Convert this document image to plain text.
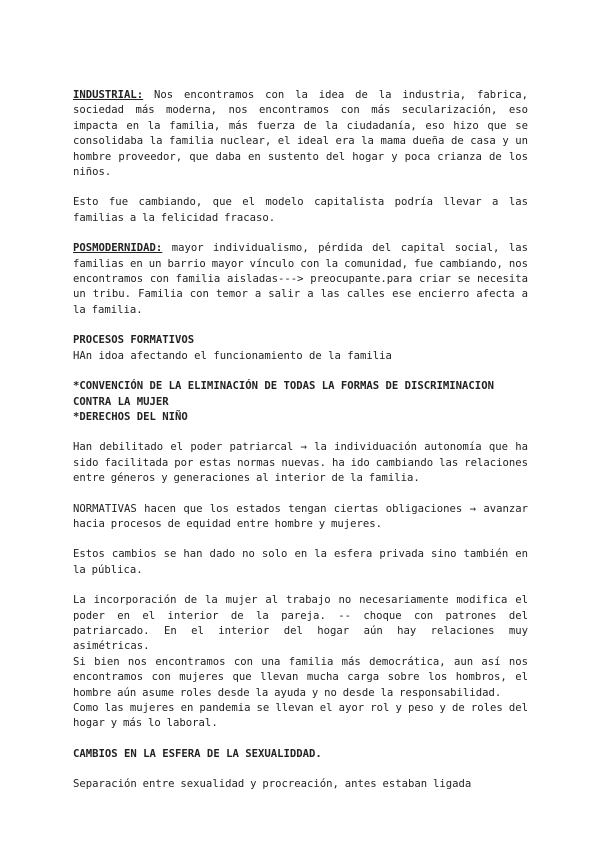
INDUSTRIAL: Nos encontramos con la idea de la industria, fabrica, sociedad más moderna, nos encontramos con más secularización, eso impacta en la familia, más fuerza de la ciudadanía, eso hizo que se consolidaba la familia nuclear, el ideal era la mama dueña de casa y un hombre proveedor, que daba en sustento del hogar y poca crianza de los niños.

Esto fue cambiando, que el modelo capitalista podría llevar a las familias a la felicidad fracaso.

POSMODERNIDAD: mayor individualismo, pérdida del capital social, las familias en un barrio mayor vínculo con la comunidad, fue cambiando, nos encontramos con familia aisladas---> preocupante.para criar se necesita un tribu. Familia con temor a salir a las calles ese encierro afecta a la familia.

PROCESOS FORMATIVOS

HAn idoa afectando el funcionamiento de la familia

*CONVENCIÓN DE LA ELIMINACIÓN DE TODAS LA FORMAS DE DISCRIMINACION CONTRA LA MUJER

*DERECHOS DEL NIÑO

Han debilitado el poder patriarcal → la individuación autonomía que ha sido facilitada por estas normas nuevas. ha ido cambiando las relaciones entre géneros y generaciones al interior de la familia.

NORMATIVAS hacen que los estados tengan ciertas obligaciones → avanzar hacia procesos de equidad entre hombre y mujeres.

Estos cambios se han dado no solo en la esfera privada sino también en la pública.

La incorporación de la mujer al trabajo no necesariamente modifica el poder en el interior de la pareja. -- choque con patrones del patriarcado. En el interior del hogar aún hay relaciones muy asimétricas.

Si bien nos encontramos con una familia más democrática, aun así nos encontramos con mujeres que llevan mucha carga sobre los hombros, el hombre aún asume roles desde la ayuda y no desde la responsabilidad.

Como las mujeres en pandemia se llevan el ayor rol y peso y de roles del hogar y más lo laboral.

CAMBIOS EN LA ESFERA DE LA SEXUALIDDAD.

Separación entre sexualidad y procreación, antes estaban ligada
